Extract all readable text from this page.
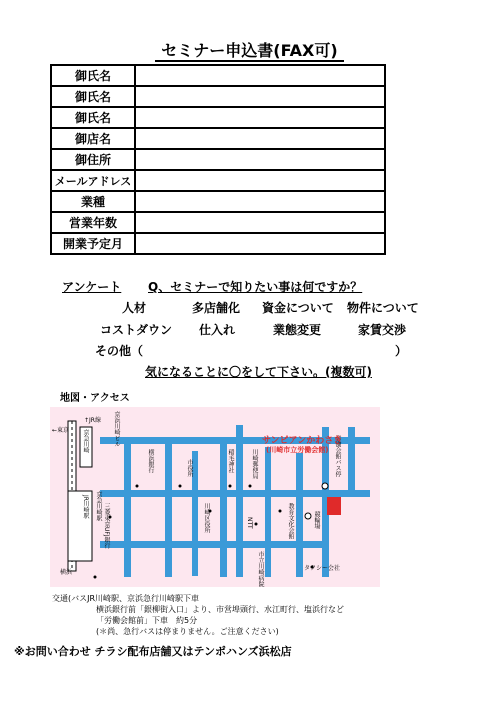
セミナー申込書(FAX可)
御氏名	
御氏名	
御氏名	
御店名	
御住所	
メールアドレス	
業種	
営業年数	
開業予定月	
アンケート Q、セミナーで知りたい事は何ですか？
人材	多店舗化 資金について 物件について
コストダウン 仕入れ	業態変更	家賃交渉
その他（	）
気になることに〇をして下さい。(複数可)
地図・アクセス
←東京
↑JR線 京浜川崎ビル
京急川崎
JR川崎駅 京急川崎駅
横浜
横浜銀行	市役所	稲毛神社	川崎郵便局	労働会館バス停
サンピアンかわさき
(川崎市立労働会館)
競輪場
三菱東京UFJ銀行	川崎区役所	NTT	教育文化会館
市立川崎病院	タクシー会社
交通(バスJR川崎駅、京浜急行川崎駅下車
横浜銀行前「銀柳街入口」より、市営埠頭行、水江町行、塩浜行など
「労働会館前」下車　約5分
(＊尚、急行バスは停まりません。ご注意ください)
※お問い合わせ チラシ配布店舗又はテンポハンズ浜松店
